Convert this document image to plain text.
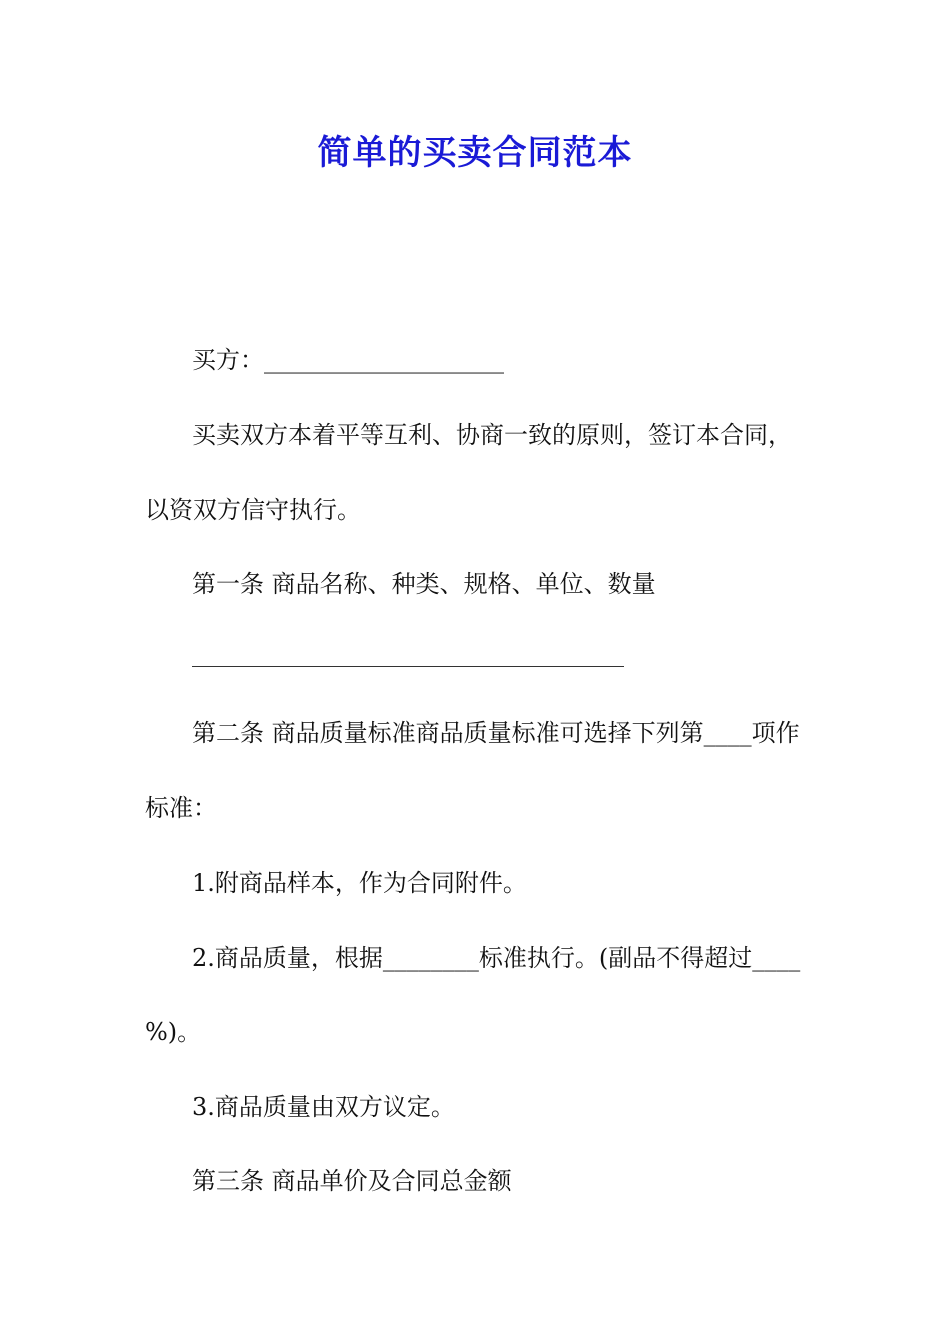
简单的买卖合同范本
买方：____________________
买卖双方本着平等互利、协商一致的原则，签订本合同，
以资双方信守执行。
第一条 商品名称、种类、规格、单位、数量
第二条 商品质量标准商品质量标准可选择下列第____项作
标准：
1.附商品样本，作为合同附件。
2.商品质量，根据________标准执行。(副品不得超过____
%)。
3.商品质量由双方议定。
第三条 商品单价及合同总金额
